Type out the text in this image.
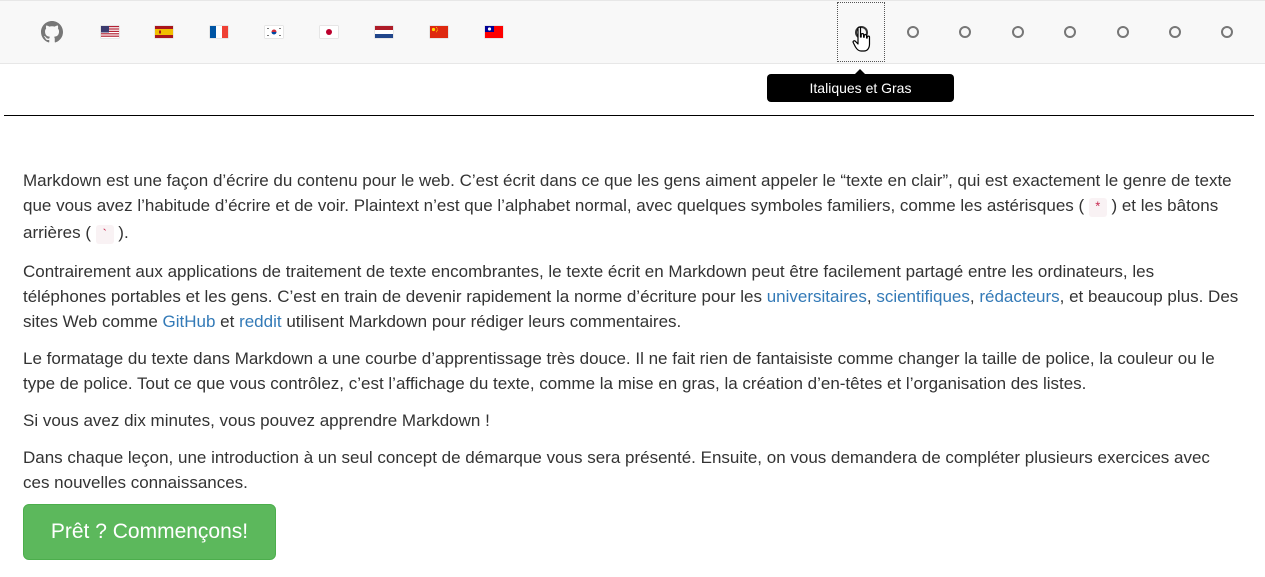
Italiques et Gras

Markdown est une façon d’écrire du contenu pour le web. C’est écrit dans ce que les gens aiment appeler le “texte en clair”, qui est exactement le genre de texte que vous avez l’habitude d’écrire et de voir. Plaintext n’est que l’alphabet normal, avec quelques symboles familiers, comme les astérisques ( * ) et les bâtons arrières ( ` ).

Contrairement aux applications de traitement de texte encombrantes, le texte écrit en Markdown peut être facilement partagé entre les ordinateurs, les téléphones portables et les gens. C’est en train de devenir rapidement la norme d’écriture pour les universitaires, scientifiques, rédacteurs, et beaucoup plus. Des sites Web comme GitHub et reddit utilisent Markdown pour rédiger leurs commentaires.

Le formatage du texte dans Markdown a une courbe d’apprentissage très douce. Il ne fait rien de fantaisiste comme changer la taille de police, la couleur ou le type de police. Tout ce que vous contrôlez, c’est l’affichage du texte, comme la mise en gras, la création d’en-têtes et l’organisation des listes.

Si vous avez dix minutes, vous pouvez apprendre Markdown !

Dans chaque leçon, une introduction à un seul concept de démarque vous sera présenté. Ensuite, on vous demandera de compléter plusieurs exercices avec ces nouvelles connaissances.

Prêt ? Commençons!
